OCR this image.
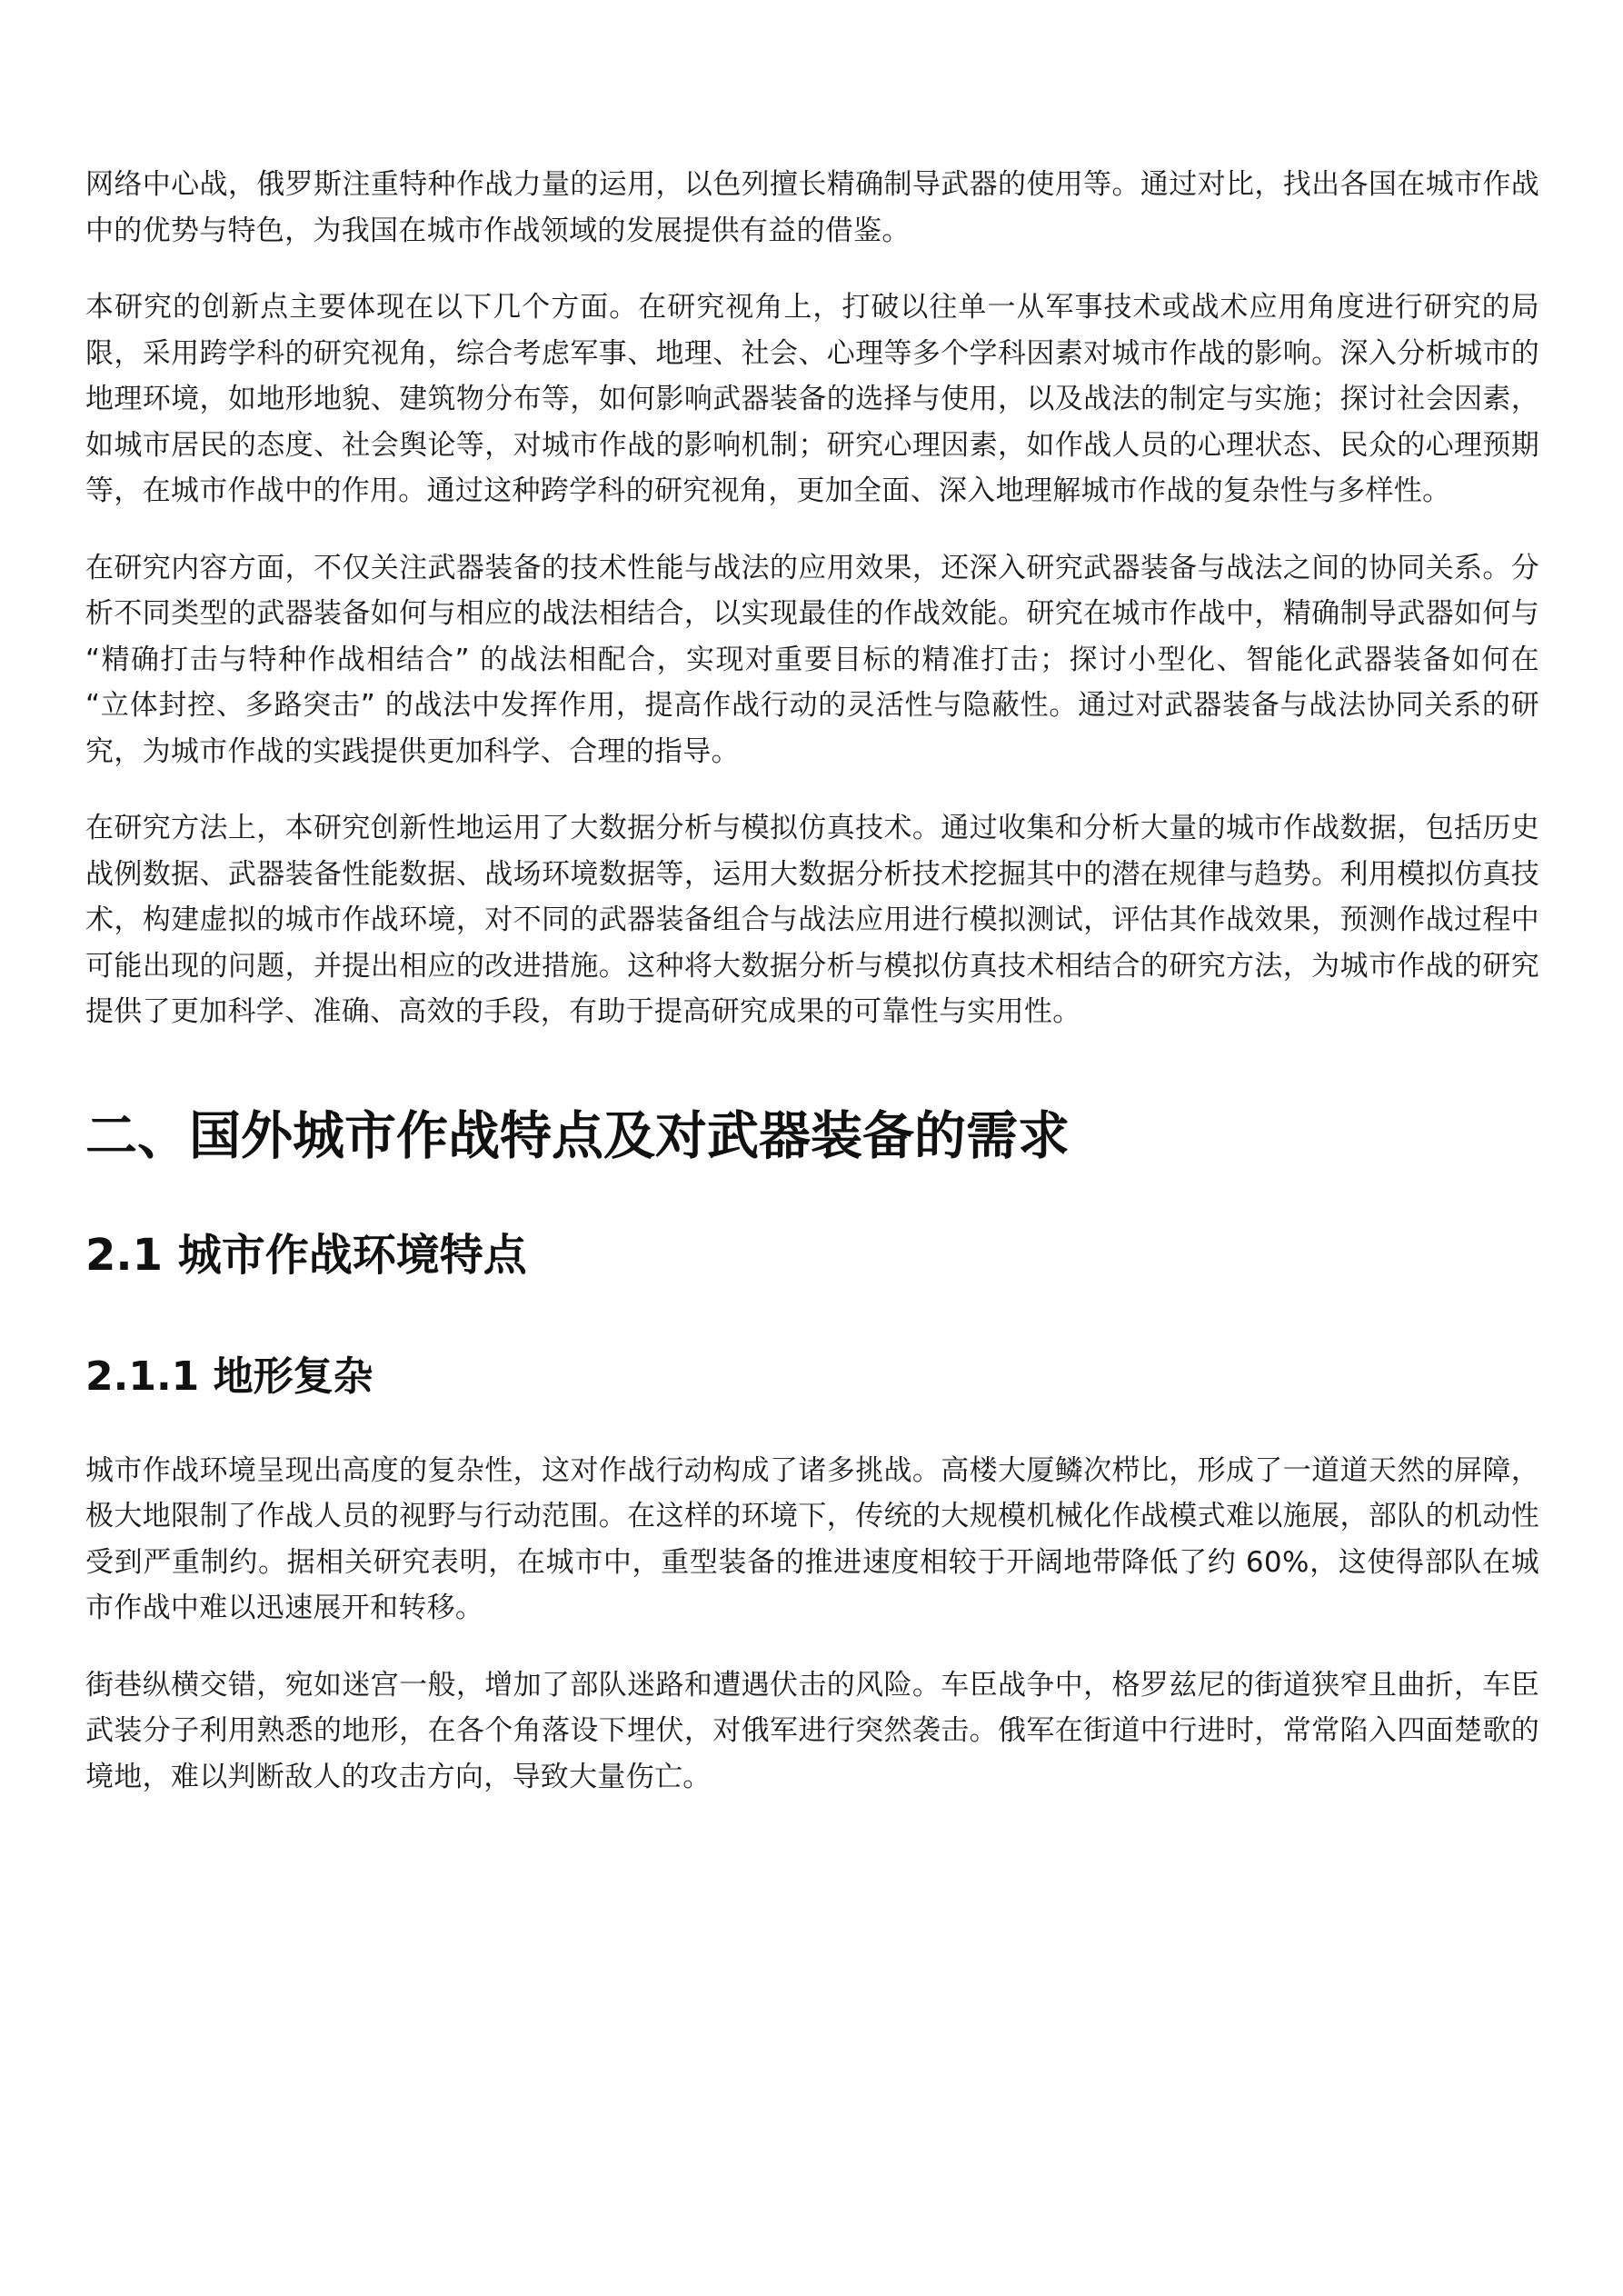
网络中心战，俄罗斯注重特种作战力量的运用，以色列擅长精确制导武器的使用等。通过对比，找出各国在城市作战中的优势与特色，为我国在城市作战领域的发展提供有益的借鉴。

本研究的创新点主要体现在以下几个方面。在研究视角上，打破以往单一从军事技术或战术应用角度进行研究的局限，采用跨学科的研究视角，综合考虑军事、地理、社会、心理等多个学科因素对城市作战的影响。深入分析城市的地理环境，如地形地貌、建筑物分布等，如何影响武器装备的选择与使用，以及战法的制定与实施；探讨社会因素，如城市居民的态度、社会舆论等，对城市作战的影响机制；研究心理因素，如作战人员的心理状态、民众的心理预期等，在城市作战中的作用。通过这种跨学科的研究视角，更加全面、深入地理解城市作战的复杂性与多样性。

在研究内容方面，不仅关注武器装备的技术性能与战法的应用效果，还深入研究武器装备与战法之间的协同关系。分析不同类型的武器装备如何与相应的战法相结合，以实现最佳的作战效能。研究在城市作战中，精确制导武器如何与 “精确打击与特种作战相结合” 的战法相配合，实现对重要目标的精准打击；探讨小型化、智能化武器装备如何在 “立体封控、多路突击” 的战法中发挥作用，提高作战行动的灵活性与隐蔽性。通过对武器装备与战法协同关系的研究，为城市作战的实践提供更加科学、合理的指导。

在研究方法上，本研究创新性地运用了大数据分析与模拟仿真技术。通过收集和分析大量的城市作战数据，包括历史战例数据、武器装备性能数据、战场环境数据等，运用大数据分析技术挖掘其中的潜在规律与趋势。利用模拟仿真技术，构建虚拟的城市作战环境，对不同的武器装备组合与战法应用进行模拟测试，评估其作战效果，预测作战过程中可能出现的问题，并提出相应的改进措施。这种将大数据分析与模拟仿真技术相结合的研究方法，为城市作战的研究提供了更加科学、准确、高效的手段，有助于提高研究成果的可靠性与实用性。

二、国外城市作战特点及对武器装备的需求
2.1 城市作战环境特点
2.1.1 地形复杂

城市作战环境呈现出高度的复杂性，这对作战行动构成了诸多挑战。高楼大厦鳞次栉比，形成了一道道天然的屏障，极大地限制了作战人员的视野与行动范围。在这样的环境下，传统的大规模机械化作战模式难以施展，部队的机动性受到严重制约。据相关研究表明，在城市中，重型装备的推进速度相较于开阔地带降低了约 60%，这使得部队在城市作战中难以迅速展开和转移。

街巷纵横交错，宛如迷宫一般，增加了部队迷路和遭遇伏击的风险。车臣战争中，格罗兹尼的街道狭窄且曲折，车臣武装分子利用熟悉的地形，在各个角落设下埋伏，对俄军进行突然袭击。俄军在街道中行进时，常常陷入四面楚歌的境地，难以判断敌人的攻击方向，导致大量伤亡。
